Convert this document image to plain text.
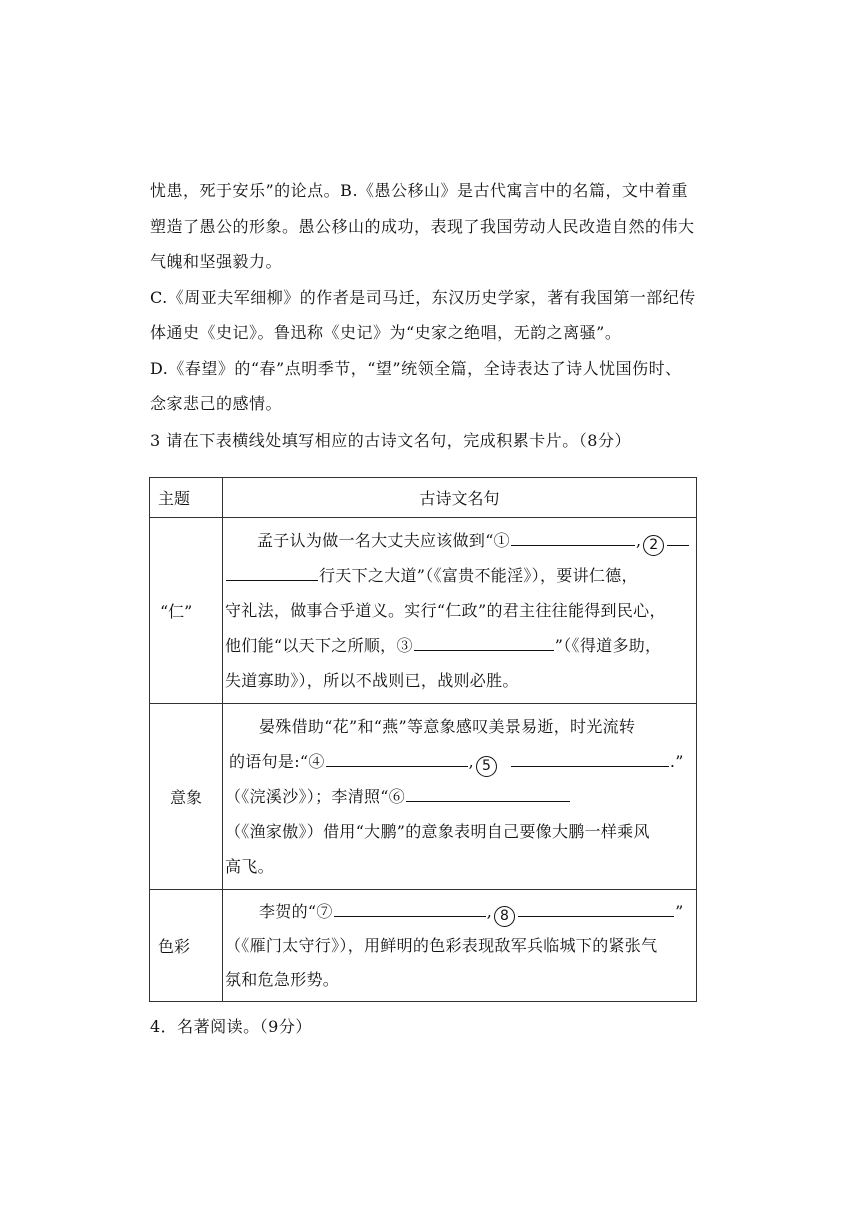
忧患，死于安乐”的论点。B.《愚公移山》是古代寓言中的名篇，文中着重
塑造了愚公的形象。愚公移山的成功，表现了我国劳动人民改造自然的伟大
气魄和坚强毅力。
C.《周亚夫军细柳》的作者是司马迁，东汉历史学家，著有我国第一部纪传
体通史《史记》。鲁迅称《史记》为“史家之绝唱，无韵之离骚”。
D.《春望》的“春”点明季节，“望”统领全篇，全诗表达了诗人忧国伤时、
念家悲己的感情。
3 请在下表横线处填写相应的古诗文名句，完成积累卡片。（8分）
主题	古诗文名句
“仁”	孟子认为做一名大丈夫应该做到“① , 2
行天下之大道”（《富贵不能淫》），要讲仁德，
守礼法，做事合乎道义。实行“仁政”的君主往往能得到民心，
他们能“以天下之所顺，③ ”（《得道多助，
失道寡助》），所以不战则已，战则必胜。

意象	晏殊借助“花”和“燕”等意象感叹美景易逝，时光流转
的语句是:“④ , 5 .”
（《浣溪沙》）；李清照“⑥
（《渔家傲》）借用“大鹏”的意象表明自己要像大鹏一样乘风
高飞。

色彩	李贺的“⑦ , 8 ”
（《雁门太守行》），用鲜明的色彩表现敌军兵临城下的紧张气
氛和危急形势。
4．名著阅读。（9分）
